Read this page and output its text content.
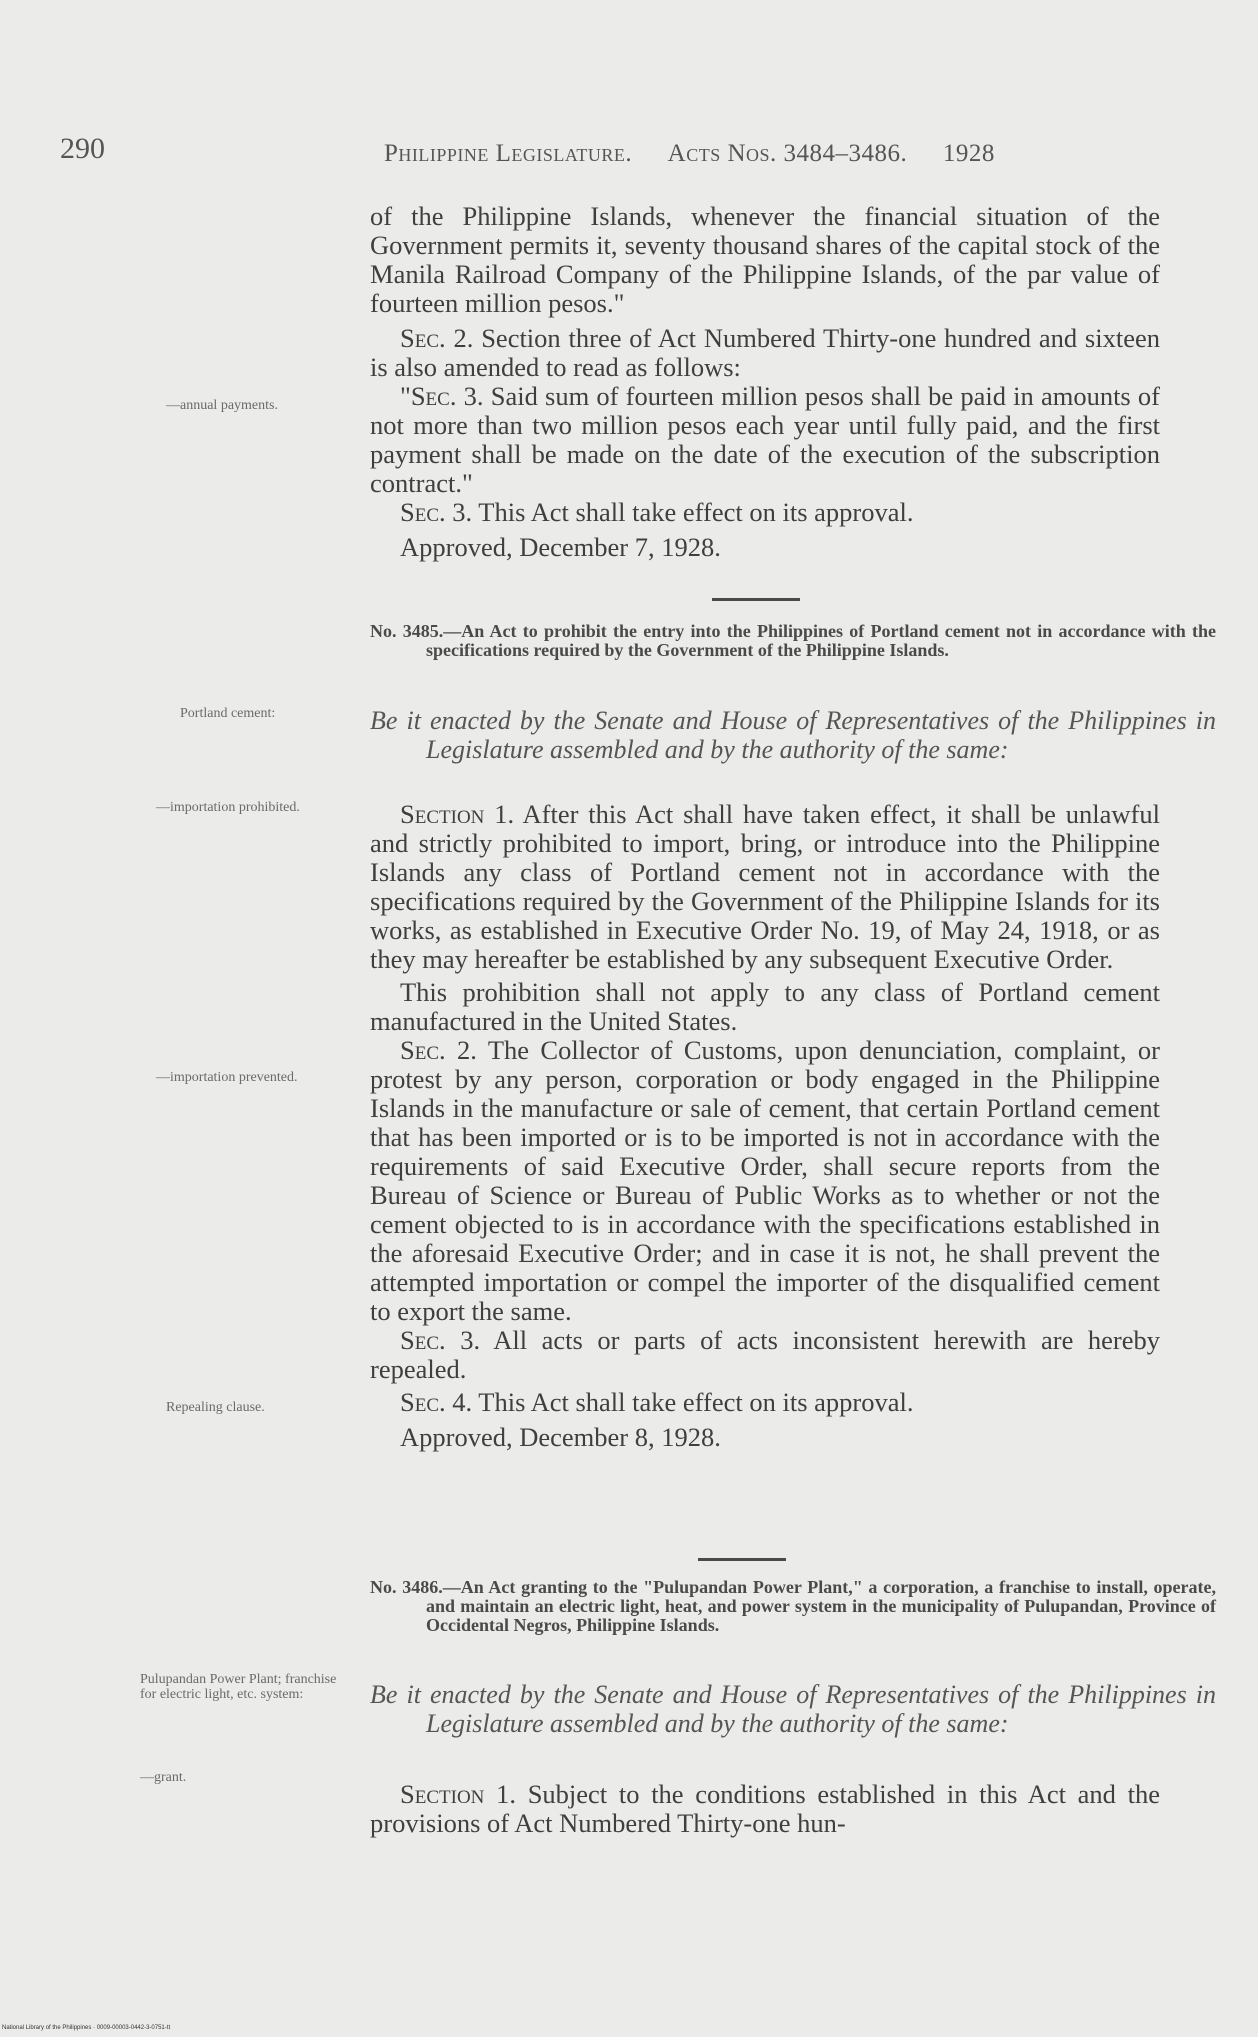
290	Philippine Legislature. Acts Nos. 3484–3486. 1928

of the Philippine Islands, whenever the financial situation of the Government permits it, seventy thousand shares of the capital stock of the Manila Railroad Company of the Philippine Islands, of the par value of fourteen million pesos."

Sec. 2. Section three of Act Numbered Thirty-one hundred and sixteen is also amended to read as follows:

"Sec. 3. Said sum of fourteen million pesos shall be paid in amounts of not more than two million pesos each year until fully paid, and the first payment shall be made on the date of the execution of the subscription contract."

Sec. 3. This Act shall take effect on its approval.

Approved, December 7, 1928.

No. 3485.—An Act to prohibit the entry into the Philippines of Portland cement not in accordance with the specifications required by the Government of the Philippine Islands.
Be it enacted by the Senate and House of Representatives of the Philippines in Legislature assembled and by the authority of the same:

Section 1. After this Act shall have taken effect, it shall be unlawful and strictly prohibited to import, bring, or introduce into the Philippine Islands any class of Portland cement not in accordance with the specifications required by the Government of the Philippine Islands for its works, as established in Executive Order No. 19, of May 24, 1918, or as they may hereafter be established by any subsequent Executive Order.

This prohibition shall not apply to any class of Portland cement manufactured in the United States.

Sec. 2. The Collector of Customs, upon denunciation, complaint, or protest by any person, corporation or body engaged in the Philippine Islands in the manufacture or sale of cement, that certain Portland cement that has been imported or is to be imported is not in accordance with the requirements of said Executive Order, shall secure reports from the Bureau of Science or Bureau of Public Works as to whether or not the cement objected to is in accordance with the specifications established in the aforesaid Executive Order; and in case it is not, he shall prevent the attempted importation or compel the importer of the disqualified cement to export the same.

Sec. 3. All acts or parts of acts inconsistent herewith are hereby repealed.

Sec. 4. This Act shall take effect on its approval.

Approved, December 8, 1928.

No. 3486.—An Act granting to the "Pulupandan Power Plant," a corporation, a franchise to install, operate, and maintain an electric light, heat, and power system in the municipality of Pulupandan, Province of Occidental Negros, Philippine Islands.
Be it enacted by the Senate and House of Representatives of the Philippines in Legislature assembled and by the authority of the same:

Section 1. Subject to the conditions established in this Act and the provisions of Act Numbered Thirty-one hun-

—annual payments.
Portland cement:
—importation prohibited.
—importation prevented.
Repealing clause.
Pulupandan Power Plant; franchise for electric light, etc. system:
—grant.
National Library of the Philippines · 0009-00003-0442-3-0751-tt
